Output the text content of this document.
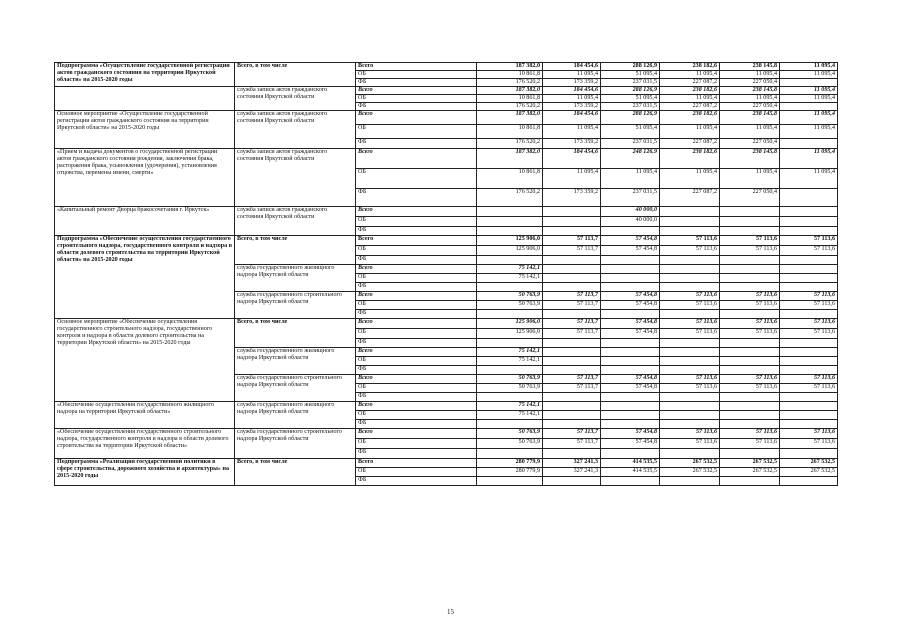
Подпрограмма «Осуществление государственной регистрации актов гражданского состояния на территории Иркутской области» на 2015-2020 годы	Всего, в том числе	Всего	187 382,0	184 454,6	288 126,9	238 182,6	238 145,8	11 095,4
		ОБ	10 861,8	11 095,4	51 095,4	11 095,4	11 095,4	11 095,4
		ФБ	176 520,2	173 359,2	237 031,5	227 087,2	227 050,4	
	служба записи актов гражданского состояния Иркутской области	Всего	187 382,0	184 454,6	288 126,9	238 182,6	238 145,8	11 095,4
		ОБ	10 861,8	11 095,4	51 095,4	11 095,4	11 095,4	11 095,4
		ФБ	176 520,2	173 359,2	237 031,5	227 087,2	227 050,4	
Основное мероприятие «Осуществление государственной регистрации актов гражданского состояния на территории Иркутской области» на 2015-2020 годы	служба записи актов гражданского состояния Иркутской области	Всего	187 382,0	184 454,6	288 126,9	238 182,6	238 145,8	11 095,4
		ОБ	10 861,8	11 095,4	51 095,4	11 095,4	11 095,4	11 095,4
		ФБ	176 520,2	173 359,2	237 031,5	227 087,2	227 050,4	
«Прием и выдача документов о государственной регистрации актов гражданского состояния рождения, заключения брака, расторжения брака, усыновления (удочерения), установления отцовства, перемены имени, смерти»	служба записи актов гражданского состояния Иркутской области	Всего	187 382,0	184 454,6	248 126,9	238 182,6	238 145,8	11 095,4
		ОБ	10 861,8	11 095,4	11 095,4	11 095,4	11 095,4	11 095,4
		ФБ	176 520,2	173 359,2	237 031,5	227 087,2	227 050,4	
«Капитальный ремонт Дворца бракосочетания г. Иркутск»	служба записи актов гражданского состояния Иркутской области	Всего			40 000,0			
		ОБ			40 000,0			
		ФБ						
Подпрограмма «Обеспечение осуществления государственного строительного надзора, государственного контроля и надзора в области долевого строительства на территории Иркутской области» на 2015-2020 годы	Всего, в том числе	Всего	125 906,0	57 113,7	57 454,8	57 113,6	57 113,6	57 113,6
		ОБ	125 906,0	57 113,7	57 454,8	57 113,6	57 113,6	57 113,6
		ФБ						
	служба государственного жилищного надзора Иркутской области	Всего	75 142,1					
		ОБ	75 142,1					
		ФБ						
	служба государственного строительного надзора Иркутской области	Всего	50 763,9	57 113,7	57 454,8	57 113,6	57 113,6	57 113,6
		ОБ	50 763,9	57 113,7	57 454,8	57 113,6	57 113,6	57 113,6
		ФБ						
Основное мероприятие «Обеспечение осуществления государственного строительного надзора, государственного контроля и надзора в области долевого строительства на территории Иркутской области» на 2015-2020 годы	Всего, в том числе	Всего	125 906,0	57 113,7	57 454,8	57 113,6	57 113,6	57 113,6
		ОБ	125 906,0	57 113,7	57 454,8	57 113,6	57 113,6	57 113,6
		ФБ						
	служба государственного жилищного надзора Иркутской области	Всего	75 142,1					
		ОБ	75 142,1					
		ФБ						
	служба государственного строительного надзора Иркутской области	Всего	50 763,9	57 113,7	57 454,8	57 113,6	57 113,6	57 113,6
		ОБ	50 763,9	57 113,7	57 454,8	57 113,6	57 113,6	57 113,6
		ФБ						
«Обеспечение осуществления государственного жилищного надзора на территории Иркутской области»	служба государственного жилищного надзора Иркутской области	Всего	75 142,1					
		ОБ	75 142,1					
		ФБ						
«Обеспечение осуществления государственного строительного надзора, государственного контроля и надзора в области долевого строительства на территории Иркутской области»	служба государственного строительного надзора Иркутской области	Всего	50 763,9	57 113,7	57 454,8	57 113,6	57 113,6	57 113,6
		ОБ	50 763,9	57 113,7	57 454,8	57 113,6	57 113,6	57 113,6
		ФБ						
Подпрограмма «Реализация государственной политики в сфере строительства, дорожного хозяйства и архитектуры» на 2015-2020 годы	Всего, в том числе	Всего	280 779,9	327 241,3	414 535,5	267 532,5	267 532,5	267 532,5
		ОБ	280 779,9	327 241,3	414 535,5	267 532,5	267 532,5	267 532,5
		ФБ						
15
